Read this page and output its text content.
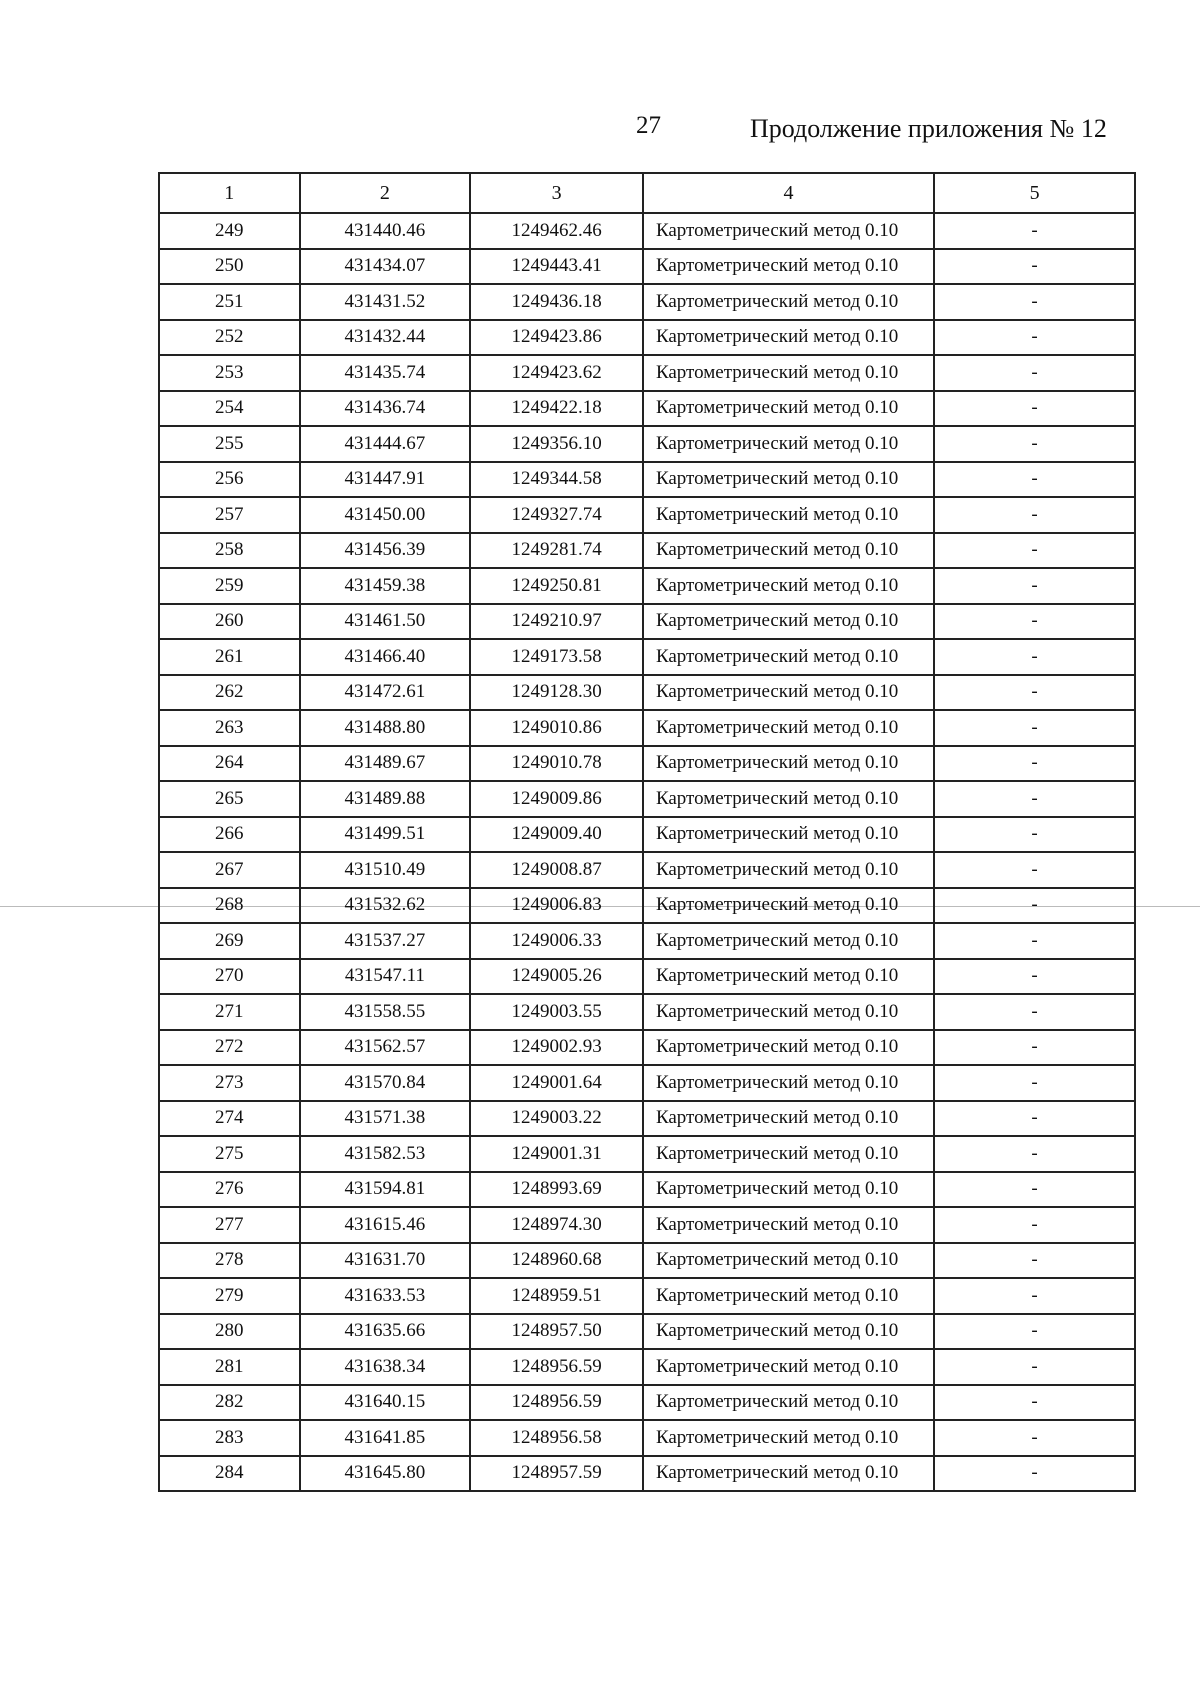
27	Продолжение приложения № 12
1	2	3	4	5
249	431440.46	1249462.46	Картометрический метод 0.10	-
250	431434.07	1249443.41	Картометрический метод 0.10	-
251	431431.52	1249436.18	Картометрический метод 0.10	-
252	431432.44	1249423.86	Картометрический метод 0.10	-
253	431435.74	1249423.62	Картометрический метод 0.10	-
254	431436.74	1249422.18	Картометрический метод 0.10	-
255	431444.67	1249356.10	Картометрический метод 0.10	-
256	431447.91	1249344.58	Картометрический метод 0.10	-
257	431450.00	1249327.74	Картометрический метод 0.10	-
258	431456.39	1249281.74	Картометрический метод 0.10	-
259	431459.38	1249250.81	Картометрический метод 0.10	-
260	431461.50	1249210.97	Картометрический метод 0.10	-
261	431466.40	1249173.58	Картометрический метод 0.10	-
262	431472.61	1249128.30	Картометрический метод 0.10	-
263	431488.80	1249010.86	Картометрический метод 0.10	-
264	431489.67	1249010.78	Картометрический метод 0.10	-
265	431489.88	1249009.86	Картометрический метод 0.10	-
266	431499.51	1249009.40	Картометрический метод 0.10	-
267	431510.49	1249008.87	Картометрический метод 0.10	-
268	431532.62	1249006.83	Картометрический метод 0.10	-
269	431537.27	1249006.33	Картометрический метод 0.10	-
270	431547.11	1249005.26	Картометрический метод 0.10	-
271	431558.55	1249003.55	Картометрический метод 0.10	-
272	431562.57	1249002.93	Картометрический метод 0.10	-
273	431570.84	1249001.64	Картометрический метод 0.10	-
274	431571.38	1249003.22	Картометрический метод 0.10	-
275	431582.53	1249001.31	Картометрический метод 0.10	-
276	431594.81	1248993.69	Картометрический метод 0.10	-
277	431615.46	1248974.30	Картометрический метод 0.10	-
278	431631.70	1248960.68	Картометрический метод 0.10	-
279	431633.53	1248959.51	Картометрический метод 0.10	-
280	431635.66	1248957.50	Картометрический метод 0.10	-
281	431638.34	1248956.59	Картометрический метод 0.10	-
282	431640.15	1248956.59	Картометрический метод 0.10	-
283	431641.85	1248956.58	Картометрический метод 0.10	-
284	431645.80	1248957.59	Картометрический метод 0.10	-
